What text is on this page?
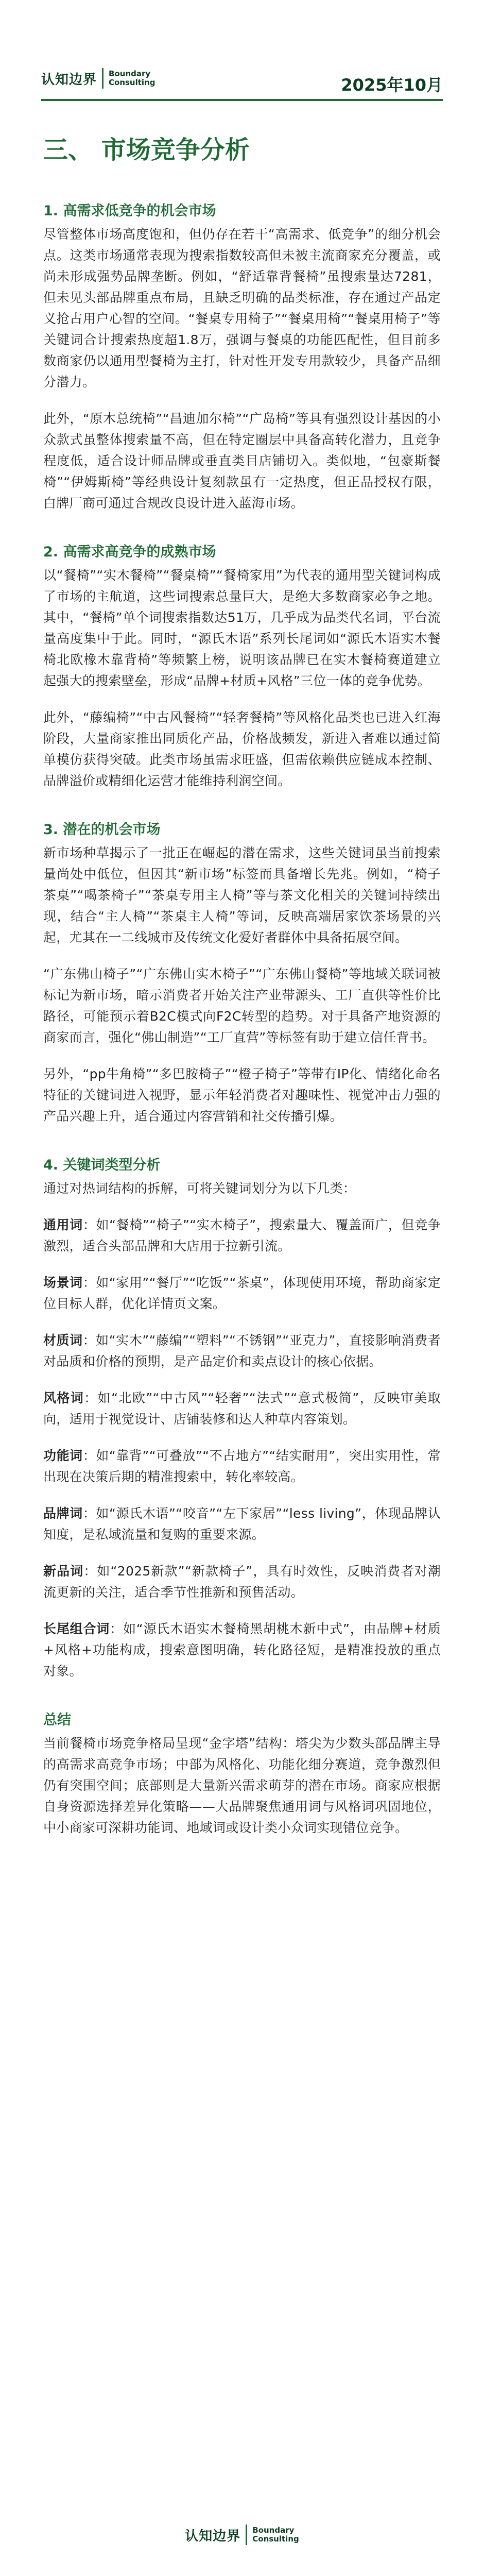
认知边界 Boundary
Consulting	2025年10月
三、 市场竞争分析
1. 高需求低竞争的机会市场

尽管整体市场高度饱和，但仍存在若干“高需求、低竞争”的细分机会点。这类市场通常表现为搜索指数较高但未被主流商家充分覆盖，或尚未形成强势品牌垄断。例如，“舒适靠背餐椅”虽搜索量达7281，但未见头部品牌重点布局，且缺乏明确的品类标准，存在通过产品定义抢占用户心智的空间。“餐桌专用椅子”“餐桌用椅”“餐桌用椅子”等关键词合计搜索热度超1.8万，强调与餐桌的功能匹配性，但目前多数商家仍以通用型餐椅为主打，针对性开发专用款较少，具备产品细分潜力。

此外，“原木总统椅”“昌迪加尔椅”“广岛椅”等具有强烈设计基因的小众款式虽整体搜索量不高，但在特定圈层中具备高转化潜力，且竞争程度低，适合设计师品牌或垂直类目店铺切入。类似地，“包豪斯餐椅”“伊姆斯椅”等经典设计复刻款虽有一定热度，但正品授权有限，白牌厂商可通过合规改良设计进入蓝海市场。

2. 高需求高竞争的成熟市场

以“餐椅”“实木餐椅”“餐桌椅”“餐椅家用”为代表的通用型关键词构成了市场的主航道，这些词搜索总量巨大，是绝大多数商家必争之地。其中，“餐椅”单个词搜索指数达51万，几乎成为品类代名词，平台流量高度集中于此。同时，“源氏木语”系列长尾词如“源氏木语实木餐椅北欧橡木靠背椅”等频繁上榜，说明该品牌已在实木餐椅赛道建立起强大的搜索壁垒，形成“品牌+材质+风格”三位一体的竞争优势。

此外，“藤编椅”“中古风餐椅”“轻奢餐椅”等风格化品类也已进入红海阶段，大量商家推出同质化产品，价格战频发，新进入者难以通过简单模仿获得突破。此类市场虽需求旺盛，但需依赖供应链成本控制、品牌溢价或精细化运营才能维持利润空间。

3. 潜在的机会市场

新市场种草揭示了一批正在崛起的潜在需求，这些关键词虽当前搜索量尚处中低位，但因其“新市场”标签而具备增长先兆。例如，“椅子茶桌”“喝茶椅子”“茶桌专用主人椅”等与茶文化相关的关键词持续出现，结合“主人椅”“茶桌主人椅”等词，反映高端居家饮茶场景的兴起，尤其在一二线城市及传统文化爱好者群体中具备拓展空间。

“广东佛山椅子”“广东佛山实木椅子”“广东佛山餐椅”等地域关联词被标记为新市场，暗示消费者开始关注产业带源头、工厂直供等性价比路径，可能预示着B2C模式向F2C转型的趋势。对于具备产地资源的商家而言，强化“佛山制造”“工厂直营”等标签有助于建立信任背书。

另外，“pp牛角椅”“多巴胺椅子”“橙子椅子”等带有IP化、情绪化命名特征的关键词进入视野，显示年轻消费者对趣味性、视觉冲击力强的产品兴趣上升，适合通过内容营销和社交传播引爆。

4. 关键词类型分析

通过对热词结构的拆解，可将关键词划分为以下几类：

通用词：如“餐椅”“椅子”“实木椅子”，搜索量大、覆盖面广，但竞争激烈，适合头部品牌和大店用于拉新引流。

场景词：如“家用”“餐厅”“吃饭”“茶桌”，体现使用环境，帮助商家定位目标人群，优化详情页文案。

材质词：如“实木”“藤编”“塑料”“不锈钢”“亚克力”，直接影响消费者对品质和价格的预期，是产品定价和卖点设计的核心依据。

风格词：如“北欧”“中古风”“轻奢”“法式”“意式极简”，反映审美取向，适用于视觉设计、店铺装修和达人种草内容策划。

功能词：如“靠背”“可叠放”“不占地方”“结实耐用”，突出实用性，常出现在决策后期的精准搜索中，转化率较高。

品牌词：如“源氏木语”“咬音”“左下家居”“less living”，体现品牌认知度，是私域流量和复购的重要来源。

新品词：如“2025新款”“新款椅子”，具有时效性，反映消费者对潮流更新的关注，适合季节性推新和预售活动。

长尾组合词：如“源氏木语实木餐椅黑胡桃木新中式”，由品牌+材质+风格+功能构成，搜索意图明确，转化路径短，是精准投放的重点对象。

总结

当前餐椅市场竞争格局呈现“金字塔”结构：塔尖为少数头部品牌主导的高需求高竞争市场；中部为风格化、功能化细分赛道，竞争激烈但仍有突围空间；底部则是大量新兴需求萌芽的潜在市场。商家应根据自身资源选择差异化策略——大品牌聚焦通用词与风格词巩固地位，中小商家可深耕功能词、地域词或设计类小众词实现错位竞争。

认知边界 Boundary
Consulting
